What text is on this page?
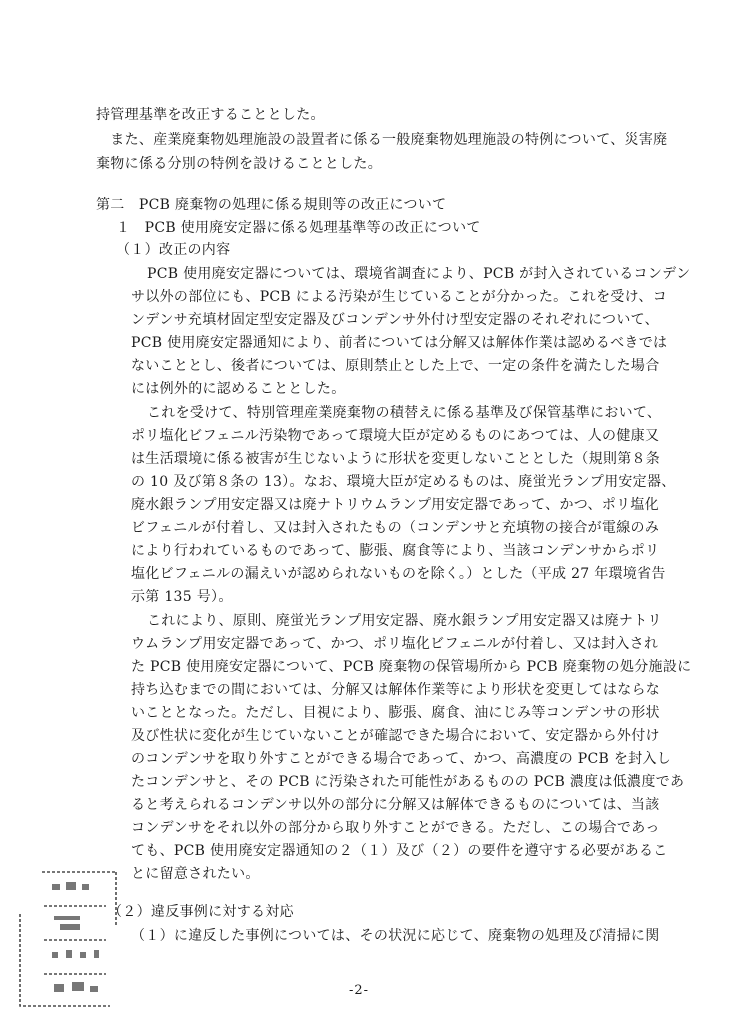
持管理基準を改正することとした。
　また、産業廃棄物処理施設の設置者に係る一般廃棄物処理施設の特例について、災害廃
棄物に係る分別の特例を設けることとした。
第二　PCB 廃棄物の処理に係る規則等の改正について
１　PCB 使用廃安定器に係る処理基準等の改正について
（１）改正の内容
PCB 使用廃安定器については、環境省調査により、PCB が封入されているコンデン
サ以外の部位にも、PCB による汚染が生じていることが分かった。これを受け、コ
ンデンサ充填材固定型安定器及びコンデンサ外付け型安定器のそれぞれについて、
PCB 使用廃安定器通知により、前者については分解又は解体作業は認めるべきでは
ないこととし、後者については、原則禁止とした上で、一定の条件を満たした場合
には例外的に認めることとした。
これを受けて、特別管理産業廃棄物の積替えに係る基準及び保管基準において、
ポリ塩化ビフェニル汚染物であって環境大臣が定めるものにあつては、人の健康又
は生活環境に係る被害が生じないように形状を変更しないこととした（規則第８条
の 10 及び第８条の 13）。なお、環境大臣が定めるものは、廃蛍光ランプ用安定器、
廃水銀ランプ用安定器又は廃ナトリウムランプ用安定器であって、かつ、ポリ塩化
ビフェニルが付着し、又は封入されたもの（コンデンサと充填物の接合が電線のみ
により行われているものであって、膨張、腐食等により、当該コンデンサからポリ
塩化ビフェニルの漏えいが認められないものを除く。）とした（平成 27 年環境省告
示第 135 号）。
これにより、原則、廃蛍光ランプ用安定器、廃水銀ランプ用安定器又は廃ナトリ
ウムランプ用安定器であって、かつ、ポリ塩化ビフェニルが付着し、又は封入され
た PCB 使用廃安定器について、PCB 廃棄物の保管場所から PCB 廃棄物の処分施設に
持ち込むまでの間においては、分解又は解体作業等により形状を変更してはならな
いこととなった。ただし、目視により、膨張、腐食、油にじみ等コンデンサの形状
及び性状に変化が生じていないことが確認できた場合において、安定器から外付け
のコンデンサを取り外すことができる場合であって、かつ、高濃度の PCB を封入し
たコンデンサと、その PCB に汚染された可能性があるものの PCB 濃度は低濃度であ
ると考えられるコンデンサ以外の部分に分解又は解体できるものについては、当該
コンデンサをそれ以外の部分から取り外すことができる。ただし、この場合であっ
ても、PCB 使用廃安定器通知の２（１）及び（２）の要件を遵守する必要があるこ
とに留意されたい。
（２）違反事例に対する対応
（１）に違反した事例については、その状況に応じて、廃棄物の処理及び清掃に関
-2-
